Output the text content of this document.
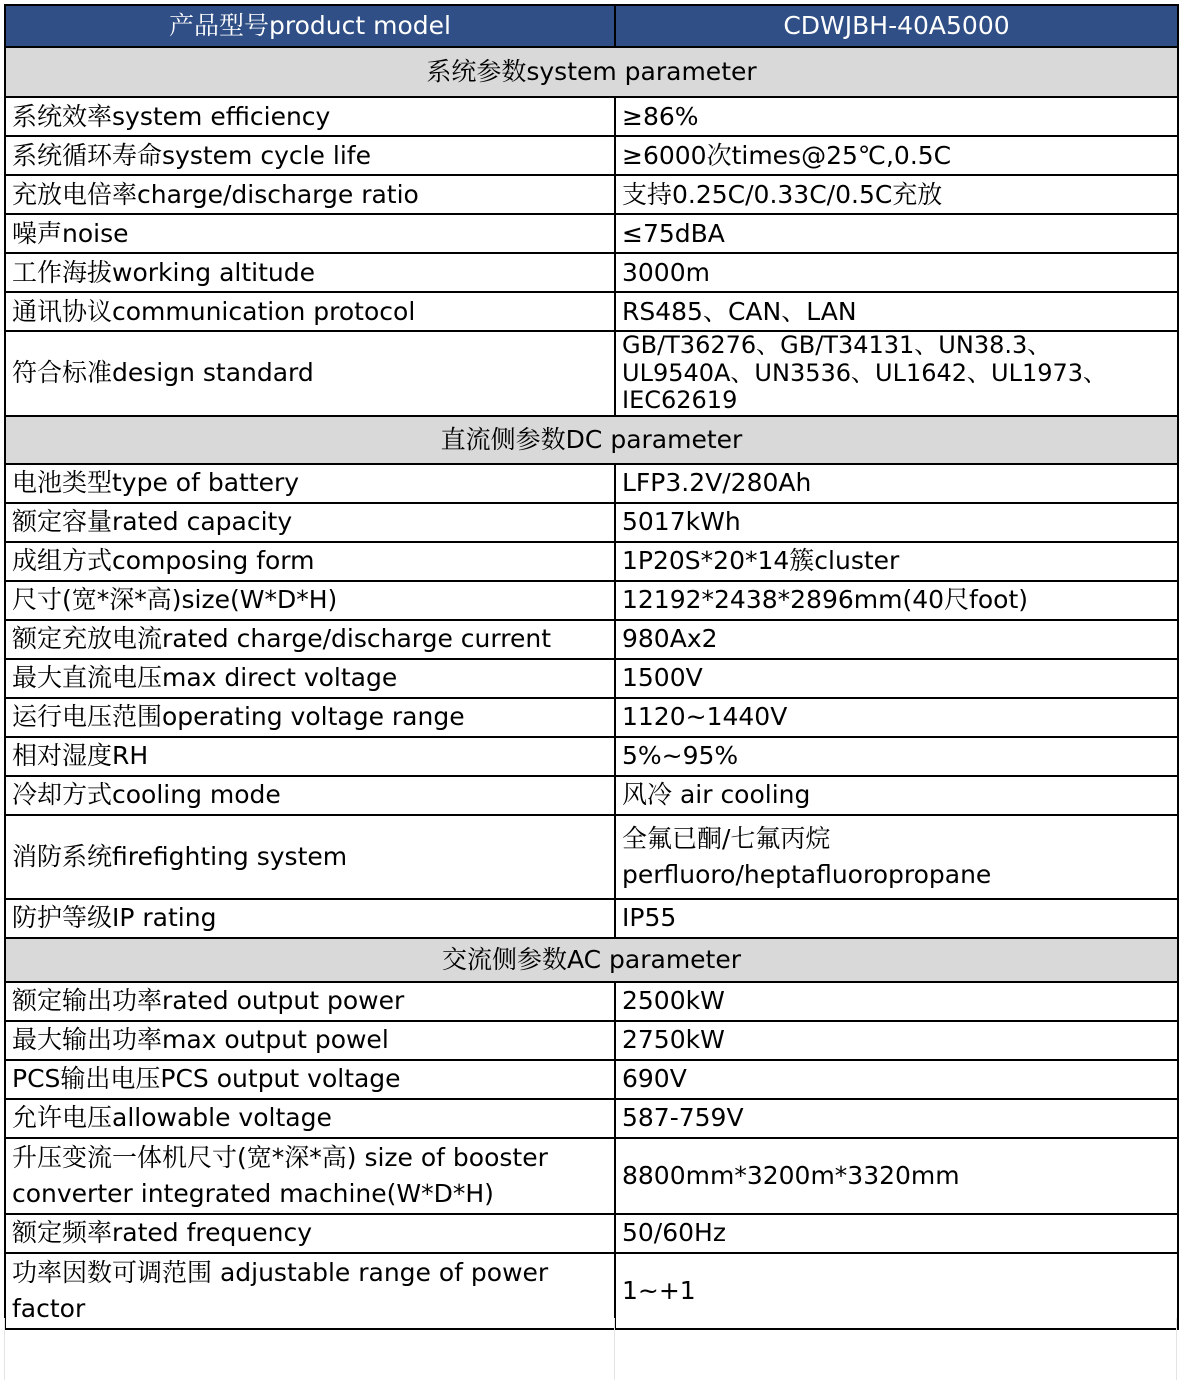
产品型号product model	CDWJBH-40A5000
系统参数system parameter	
系统效率system efficiency	≥86%
系统循环寿命system cycle life	≥6000次times@25℃,0.5C
充放电倍率charge/discharge ratio	支持0.25C/0.33C/0.5C充放
噪声noise	≤75dBA
工作海拔working altitude	3000m
通讯协议communication protocol	RS485、CAN、LAN
符合标准design standard	GB/T36276、GB/T34131、UN38.3、UL9540A、UN3536、UL1642、UL1973、IEC62619
直流侧参数DC parameter	
电池类型type of battery	LFP3.2V/280Ah
额定容量rated capacity	5017kWh
成组方式composing form	1P20S*20*14簇cluster
尺寸(宽*深*高)size(W*D*H)	12192*2438*2896mm(40尺foot)
额定充放电流rated charge/discharge current	980Ax2
最大直流电压max direct voltage	1500V
运行电压范围operating voltage range	1120~1440V
相对湿度RH	5%~95%
冷却方式cooling mode	风冷 air cooling
消防系统firefighting system	全氟已酮/七氟丙烷 perfluoro/heptafluoropropane
防护等级IP rating	IP55
交流侧参数AC parameter	
额定输出功率rated output power	2500kW
最大输出功率max output powel	2750kW
PCS输出电压PCS output voltage	690V
允许电压allowable voltage	587-759V
升压变流一体机尺寸(宽*深*高) size of booster converter integrated machine(W*D*H)	8800mm*3200m*3320mm
额定频率rated frequency	50/60Hz
功率因数可调范围 adjustable range of power factor	1~+1
